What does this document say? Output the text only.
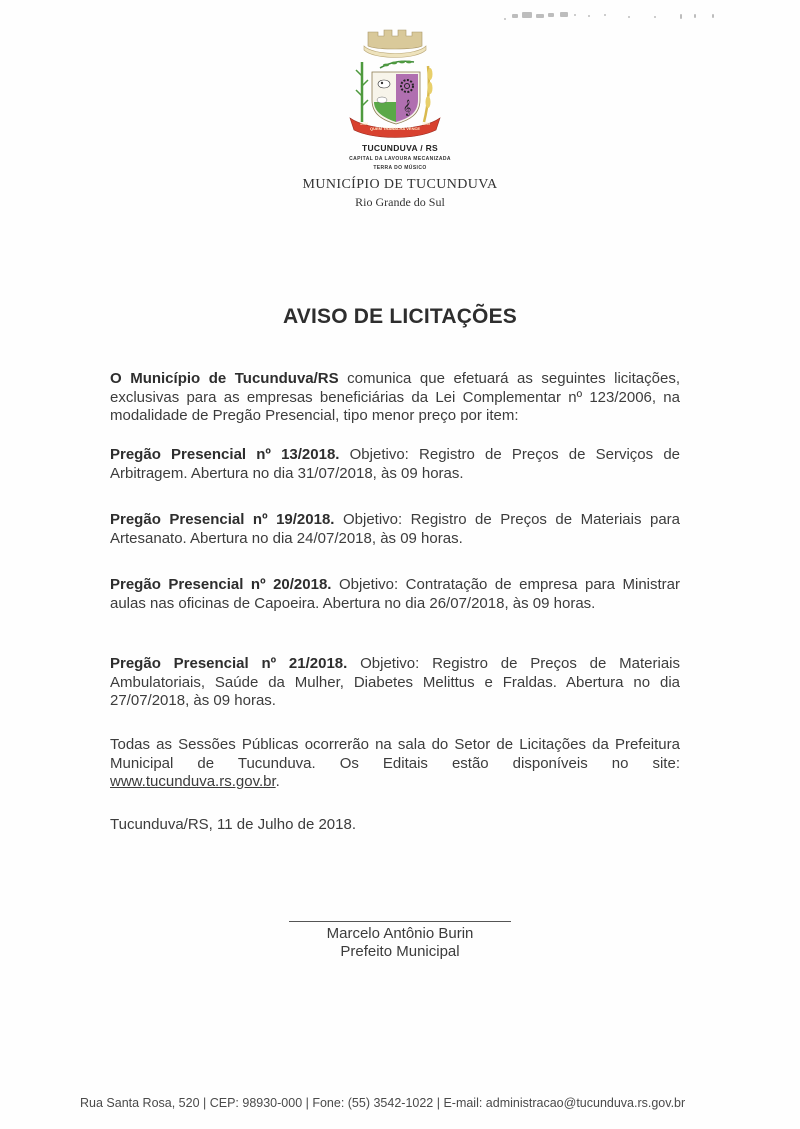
𝄞
QUEM TRABALHA VENCE
1954	1959
TUCUNDUVA / RS
CAPITAL DA LAVOURA MECANIZADA
TERRA DO MÚSICO
MUNICÍPIO DE TUCUNDUVA
Rio Grande do Sul
AVISO DE LICITAÇÕES

O Município de Tucunduva/RS comunica que efetuará as seguintes licitações, exclusivas para as empresas beneficiárias da Lei Complementar nº 123/2006, na modalidade de Pregão Presencial, tipo menor preço por item:

Pregão Presencial nº 13/2018. Objetivo: Registro de Preços de Serviços de Arbitragem. Abertura no dia 31/07/2018, às 09 horas.

Pregão Presencial nº 19/2018. Objetivo: Registro de Preços de Materiais para Artesanato. Abertura no dia 24/07/2018, às 09 horas.

Pregão Presencial nº 20/2018. Objetivo: Contratação de empresa para Ministrar aulas nas oficinas de Capoeira. Abertura no dia 26/07/2018, às 09 horas.

Pregão Presencial nº 21/2018. Objetivo: Registro de Preços de Materiais Ambulatoriais, Saúde da Mulher, Diabetes Melittus e Fraldas. Abertura no dia 27/07/2018, às 09 horas.

Todas as Sessões Públicas ocorrerão na sala do Setor de Licitações da Prefeitura Municipal de Tucunduva. Os Editais estão disponíveis no site: www.tucunduva.rs.gov.br.

Tucunduva/RS, 11 de Julho de 2018.

Marcelo Antônio Burin
Prefeito Municipal
Rua Santa Rosa, 520 | CEP: 98930-000 | Fone: (55) 3542-1022 | E-mail: administracao@tucunduva.rs.gov.br
